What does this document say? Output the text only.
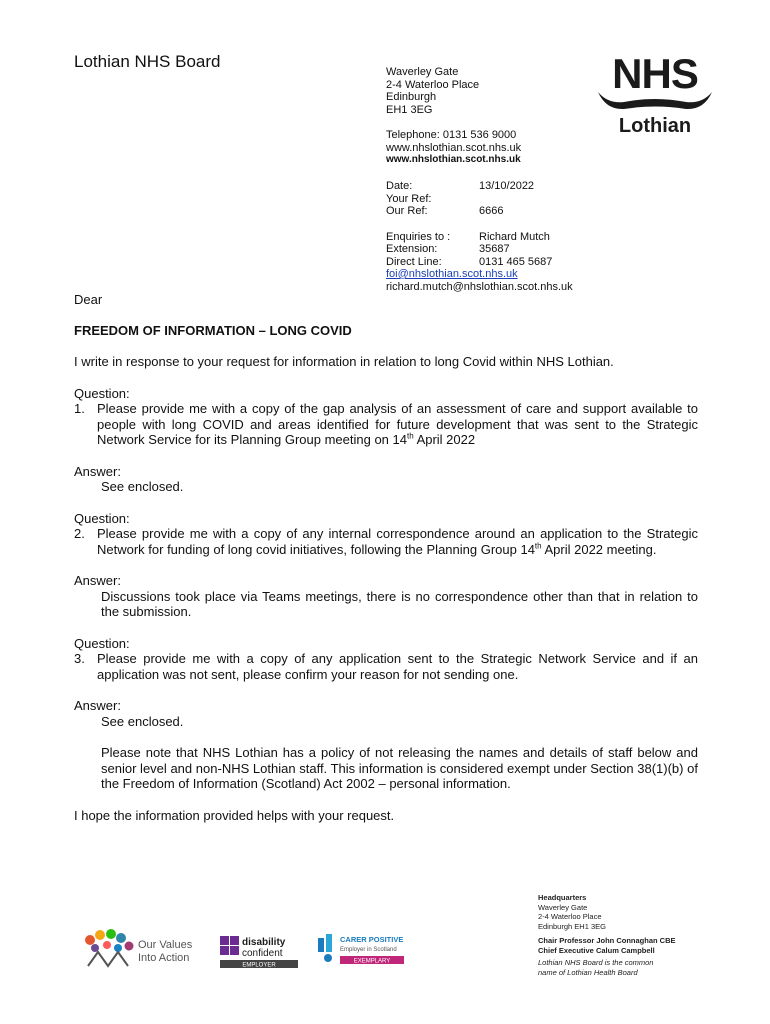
Lothian NHS Board
Waverley Gate
2-4 Waterloo Place
Edinburgh
EH1 3EG
Telephone: 0131 536 9000
www.nhslothian.scot.nhs.uk
www.nhslothian.scot.nhs.uk
NHS
Lothian
Date:	13/10/2022
Your Ref:
Our Ref:	6666
Enquiries to :	Richard Mutch
Extension:	35687
Direct Line:	0131 465 5687
foi@nhslothian.scot.nhs.uk
richard.mutch@nhslothian.scot.nhs.uk

Dear

FREEDOM OF INFORMATION – LONG COVID

I write in response to your request for information in relation to long Covid within NHS Lothian.

Question:

1. Please provide me with a copy of the gap analysis of an assessment of care and support available to people with long COVID and areas identified for future development that was sent to the Strategic Network Service for its Planning Group meeting on 14th April 2022

Answer:

See enclosed.

Question:

2. Please provide me with a copy of any internal correspondence around an application to the Strategic Network for funding of long covid initiatives, following the Planning Group 14th April 2022 meeting.

Answer:

Discussions took place via Teams meetings, there is no correspondence other than that in relation to the submission.

Question:

3. Please provide me with a copy of any application sent to the Strategic Network Service and if an application was not sent, please confirm your reason for not sending one.

Answer:

See enclosed.

Please note that NHS Lothian has a policy of not releasing the names and details of staff below and senior level and non-NHS Lothian staff. This information is considered exempt under Section 38(1)(b) of the Freedom of Information (Scotland) Act 2002 – personal information.

I hope the information provided helps with your request.

Headquarters
Waverley Gate
2-4 Waterloo Place
Edinburgh EH1 3EG
Chair Professor John Connaghan CBE
Chief Executive Calum Campbell
Lothian NHS Board is the common
name of Lothian Health Board
Our Values
Into Action
disability
confident
EMPLOYER
CARER POSITIVE
Employer in Scotland
EXEMPLARY
